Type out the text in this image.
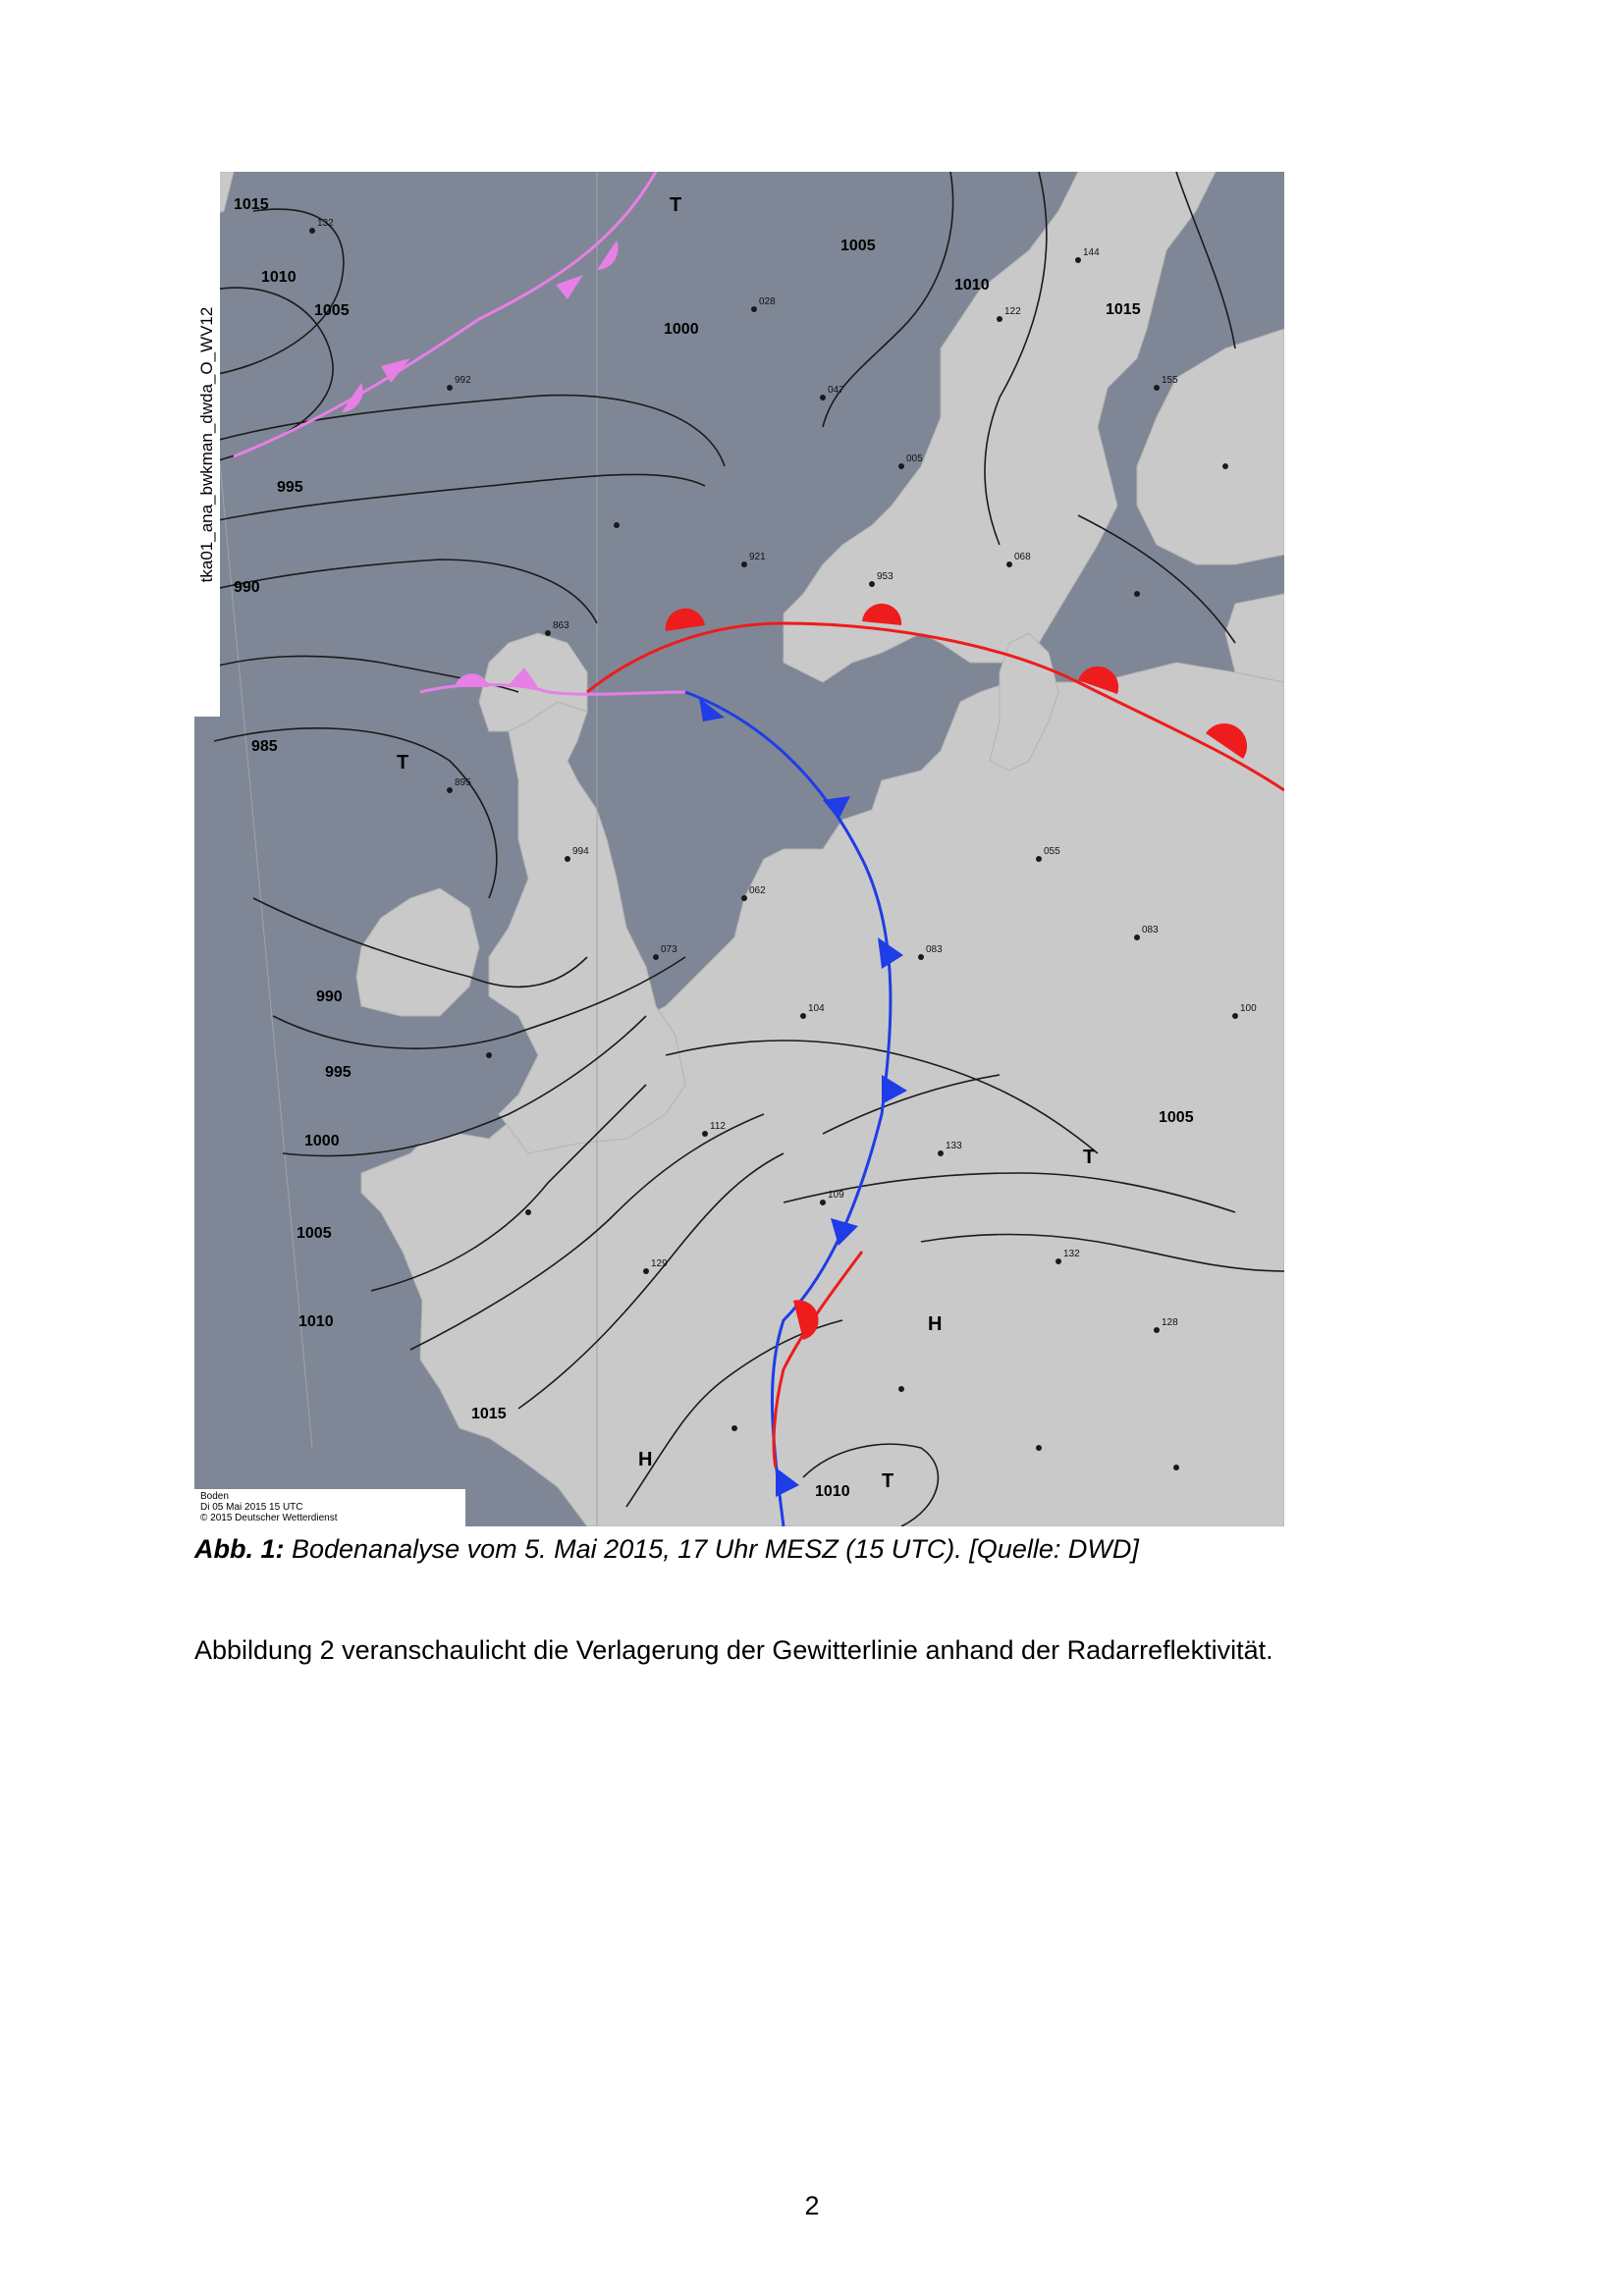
132
992
028
047
005
122
144
155
921
953
068
863
895
994
073
062
104
083
055
083
100
112
109
133
132
128
129
1015
1010
1005
1000
995
990
985
990
995
1000
1005
1010
1015
1005
1010
1015
1005
1010
T
T
T
H
H
T
tka01_ana_bwkman_dwda_O_WV12
Boden
Di 05 Mai 2015 15 UTC
© 2015 Deutscher Wetterdienst
Abb. 1: Bodenanalyse vom 5. Mai 2015, 17 Uhr MESZ (15 UTC). [Quelle: DWD]
Abbildung 2 veranschaulicht die Verlagerung der Gewitterlinie anhand der Radarreflektivität.
2
